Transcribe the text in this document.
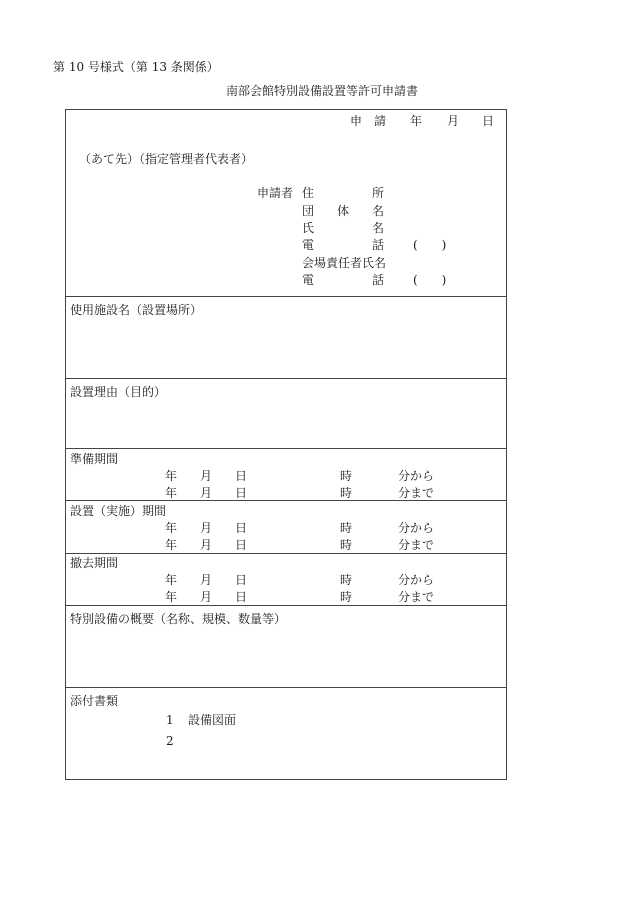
第 10 号様式（第 13 条関係）
南部会館特別設備設置等許可申請書
申　請 年 月 日
（あて先）（指定管理者代表者）
申請者 住	所
団 体 名
氏	名
電	話 (　　)
会場責任者氏名
電	話 (　　)
使用施設名（設置場所）
設置理由（目的）
準備期間
年 月 日	時	分から
年 月 日	時	分まで
設置（実施）期間
年 月 日	時	分から
年 月 日	時	分まで
撤去期間
年 月 日	時	分から
年 月 日	時	分まで
特別設備の概要（名称、規模、数量等）
添付書類
1 設備図面
2
